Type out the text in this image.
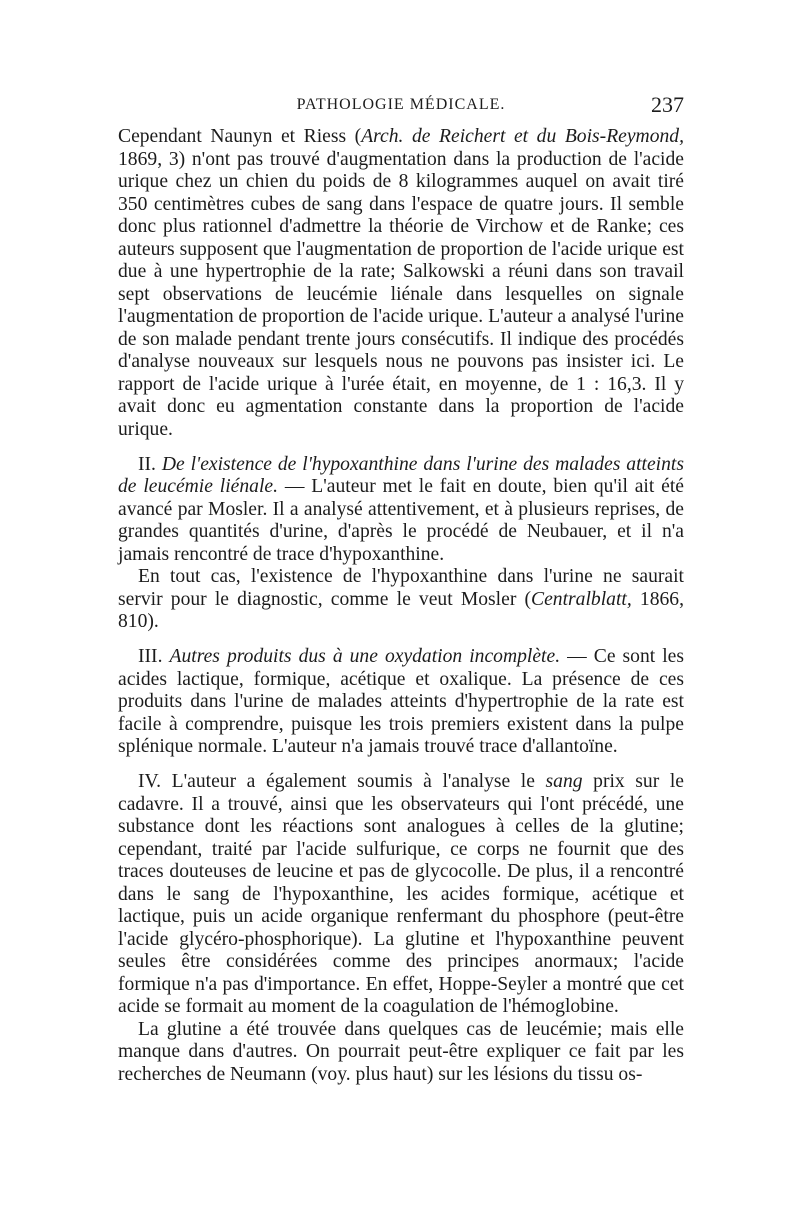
PATHOLOGIE MÉDICALE.	237

Cependant Naunyn et Riess (Arch. de Reichert et du Bois-Reymond, 1869, 3) n'ont pas trouvé d'augmentation dans la production de l'acide urique chez un chien du poids de 8 kilogrammes auquel on avait tiré 350 centimètres cubes de sang dans l'espace de quatre jours. Il semble donc plus rationnel d'admettre la théorie de Virchow et de Ranke; ces auteurs supposent que l'augmentation de proportion de l'acide urique est due à une hypertrophie de la rate; Salkowski a réuni dans son travail sept observations de leucémie liénale dans lesquelles on signale l'augmentation de proportion de l'acide urique. L'auteur a analysé l'urine de son malade pendant trente jours consécutifs. Il indique des procédés d'analyse nouveaux sur lesquels nous ne pouvons pas insister ici. Le rapport de l'acide urique à l'urée était, en moyenne, de 1 : 16,3. Il y avait donc eu agmentation constante dans la proportion de l'acide urique.

II. De l'existence de l'hypoxanthine dans l'urine des malades atteints de leucémie liénale. — L'auteur met le fait en doute, bien qu'il ait été avancé par Mosler. Il a analysé attentivement, et à plusieurs reprises, de grandes quantités d'urine, d'après le procédé de Neubauer, et il n'a jamais rencontré de trace d'hypoxanthine.

En tout cas, l'existence de l'hypoxanthine dans l'urine ne saurait servir pour le diagnostic, comme le veut Mosler (Centralblatt, 1866, 810).

III. Autres produits dus à une oxydation incomplète. — Ce sont les acides lactique, formique, acétique et oxalique. La présence de ces produits dans l'urine de malades atteints d'hypertrophie de la rate est facile à comprendre, puisque les trois premiers existent dans la pulpe splénique normale. L'auteur n'a jamais trouvé trace d'allantoïne.

IV. L'auteur a également soumis à l'analyse le sang prix sur le cadavre. Il a trouvé, ainsi que les observateurs qui l'ont précédé, une substance dont les réactions sont analogues à celles de la glutine; cependant, traité par l'acide sulfurique, ce corps ne fournit que des traces douteuses de leucine et pas de glycocolle. De plus, il a rencontré dans le sang de l'hypoxanthine, les acides formique, acétique et lactique, puis un acide organique renfermant du phosphore (peut-être l'acide glycéro-phosphorique). La glutine et l'hypoxanthine peuvent seules être considérées comme des principes anormaux; l'acide formique n'a pas d'importance. En effet, Hoppe-Seyler a montré que cet acide se formait au moment de la coagulation de l'hémoglobine.

La glutine a été trouvée dans quelques cas de leucémie; mais elle manque dans d'autres. On pourrait peut-être expliquer ce fait par les recherches de Neumann (voy. plus haut) sur les lésions du tissu os-
